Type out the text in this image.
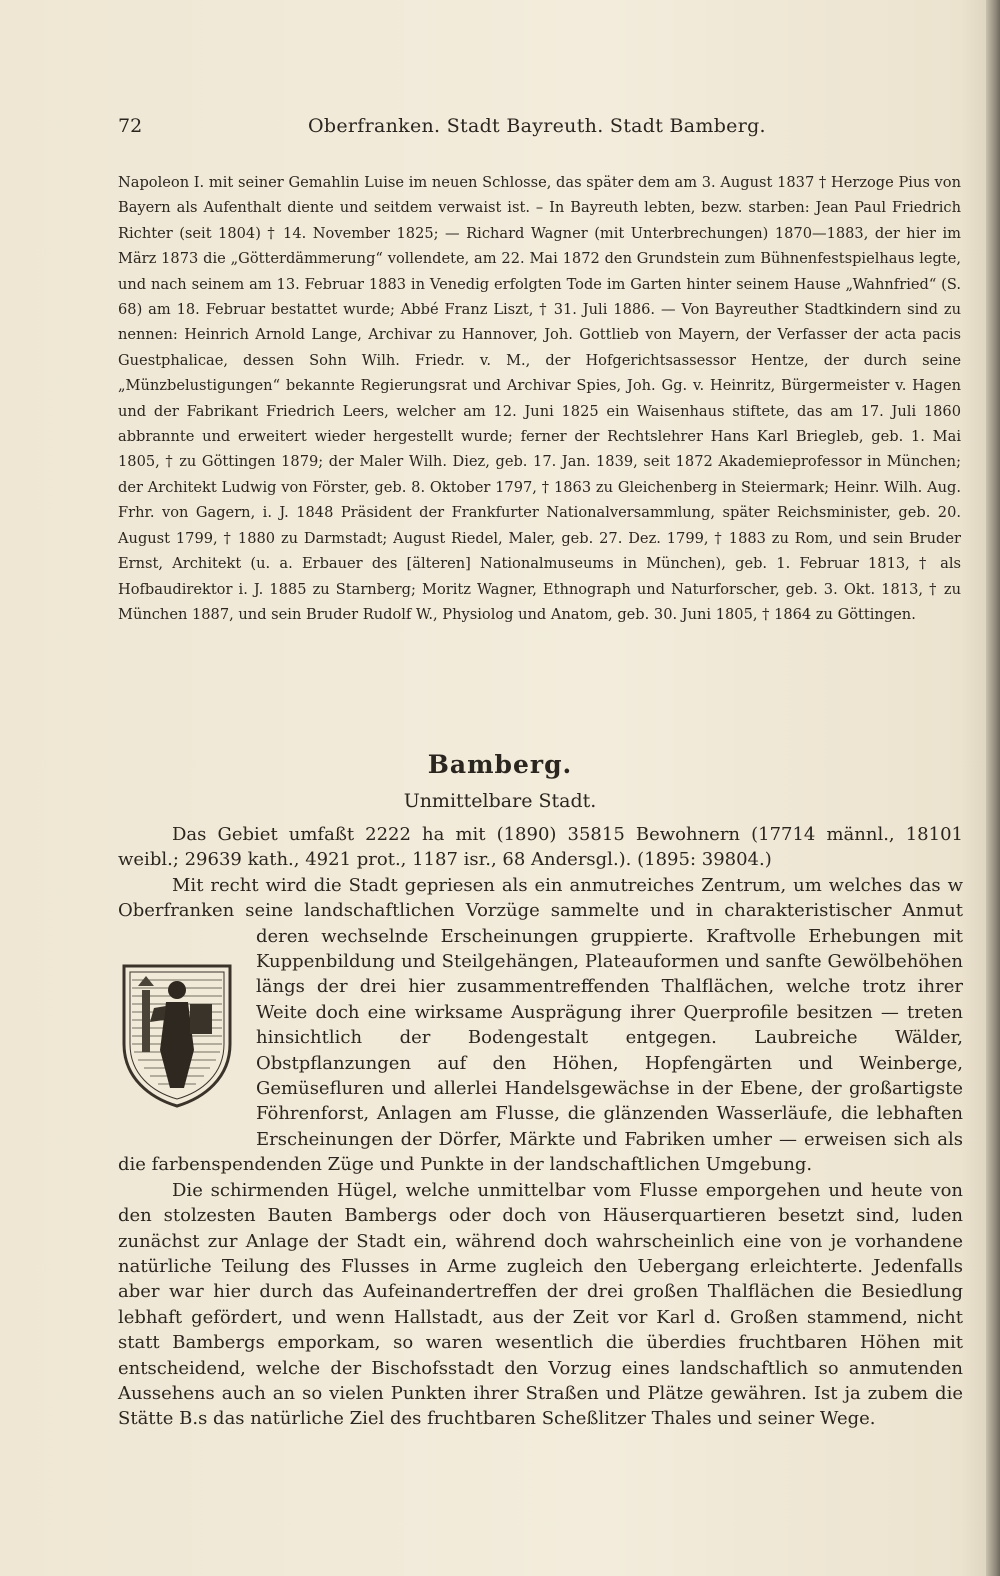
72	Oberfranken. Stadt Bayreuth. Stadt Bamberg.

Napoleon I. mit seiner Gemahlin Luise im neuen Schlosse, das später dem am 3. August 1837 † Herzoge Pius von Bayern als Aufenthalt diente und seitdem verwaist ist. – In Bayreuth lebten, bezw. starben: Jean Paul Friedrich Richter (seit 1804) † 14. November 1825; — Richard Wagner (mit Unterbrechungen) 1870—1883, der hier im März 1873 die „Götterdämmerung“ vollendete, am 22. Mai 1872 den Grundstein zum Bühnenfestspielhaus legte, und nach seinem am 13. Februar 1883 in Venedig erfolgten Tode im Garten hinter seinem Hause „Wahnfried“ (S. 68) am 18. Februar bestattet wurde; Abbé Franz Liszt, † 31. Juli 1886. — Von Bayreuther Stadtkindern sind zu nennen: Heinrich Arnold Lange, Archivar zu Hannover, Joh. Gottlieb von Mayern, der Verfasser der acta pacis Guestphalicae, dessen Sohn Wilh. Friedr. v. M., der Hofgerichtsassessor Hentze, der durch seine „Münzbelustigungen“ bekannte Regierungsrat und Archivar Spies, Joh. Gg. v. Heinritz, Bürgermeister v. Hagen und der Fabrikant Friedrich Leers, welcher am 12. Juni 1825 ein Waisenhaus stiftete, das am 17. Juli 1860 abbrannte und erweitert wieder hergestellt wurde; ferner der Rechtslehrer Hans Karl Briegleb, geb. 1. Mai 1805, † zu Göttingen 1879; der Maler Wilh. Diez, geb. 17. Jan. 1839, seit 1872 Akademieprofessor in München; der Architekt Ludwig von Förster, geb. 8. Oktober 1797, † 1863 zu Gleichenberg in Steiermark; Heinr. Wilh. Aug. Frhr. von Gagern, i. J. 1848 Präsident der Frankfurter Nationalversammlung, später Reichsminister, geb. 20. August 1799, † 1880 zu Darmstadt; August Riedel, Maler, geb. 27. Dez. 1799, † 1883 zu Rom, und sein Bruder Ernst, Architekt (u. a. Erbauer des [älteren] Nationalmuseums in München), geb. 1. Februar 1813, † als Hofbaudirektor i. J. 1885 zu Starnberg; Moritz Wagner, Ethnograph und Naturforscher, geb. 3. Okt. 1813, † zu München 1887, und sein Bruder Rudolf W., Physiolog und Anatom, geb. 30. Juni 1805, † 1864 zu Göttingen.

Bamberg.
Unmittelbare Stadt.

Das Gebiet umfaßt 2222 ha mit (1890) 35815 Bewohnern (17714 männl., 18101 weibl.; 29639 kath., 4921 prot., 1187 isr., 68 Andersgl.). (1895: 39804.)

Mit recht wird die Stadt gepriesen als ein anmutreiches Zentrum, um welches das w Oberfranken seine landschaftlichen Vorzüge sammelte und in charakteristischer Anmut deren wechselnde Erscheinungen gruppierte. Kraftvolle Erhebungen mit Kuppenbildung und Steilgehängen, Plateauformen und sanfte Gewölbehöhen längs der drei hier zusammentreffenden Thalflächen, welche trotz ihrer Weite doch eine wirksame Ausprägung ihrer Querprofile besitzen — treten hinsichtlich der Bodengestalt entgegen. Laubreiche Wälder, Obstpflanzungen auf den Höhen, Hopfengärten und Weinberge, Gemüsefluren und allerlei Handelsgewächse in der Ebene, der großartigste Föhrenforst, Anlagen am Flusse, die glänzenden Wasserläufe, die lebhaften Erscheinungen der Dörfer, Märkte und Fabriken umher — erweisen sich als die farbenspendenden Züge und Punkte in der landschaftlichen Umgebung.

Die schirmenden Hügel, welche unmittelbar vom Flusse emporgehen und heute von den stolzesten Bauten Bambergs oder doch von Häuserquartieren besetzt sind, luden zunächst zur Anlage der Stadt ein, während doch wahrscheinlich eine von je vorhandene natürliche Teilung des Flusses in Arme zugleich den Uebergang erleichterte. Jedenfalls aber war hier durch das Aufeinandertreffen der drei großen Thalflächen die Besiedlung lebhaft gefördert, und wenn Hallstadt, aus der Zeit vor Karl d. Großen stammend, nicht statt Bambergs emporkam, so waren wesentlich die überdies fruchtbaren Höhen mit entscheidend, welche der Bischofsstadt den Vorzug eines landschaftlich so anmutenden Aussehens auch an so vielen Punkten ihrer Straßen und Plätze gewähren. Ist ja zubem die Stätte B.s das natürliche Ziel des fruchtbaren Scheßlitzer Thales und seiner Wege.
